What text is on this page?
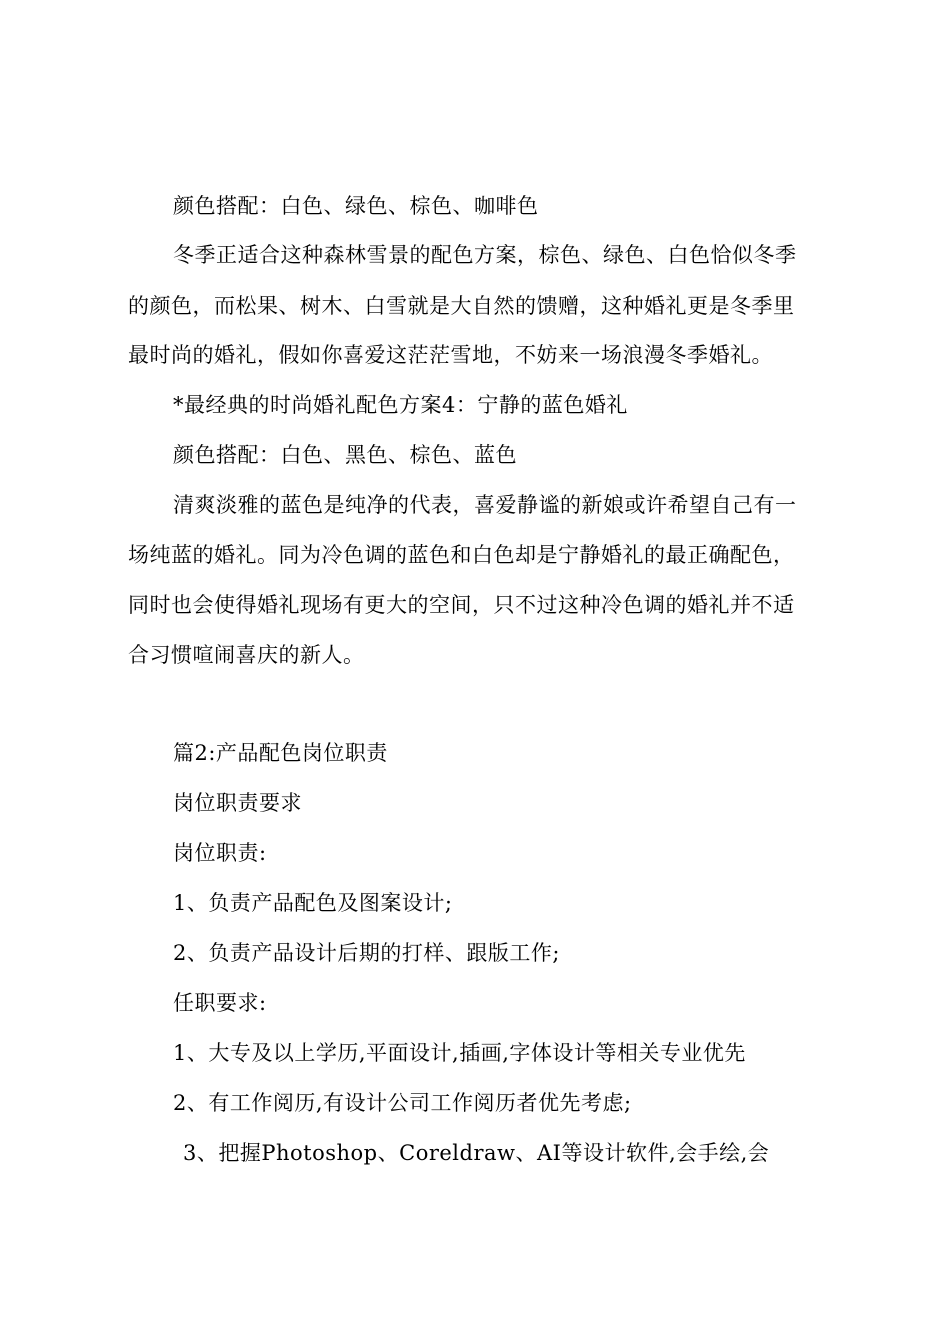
颜色搭配：白色、绿色、棕色、咖啡色
冬季正适合这种森林雪景的配色方案，棕色、绿色、白色恰似冬季
的颜色，而松果、树木、白雪就是大自然的馈赠，这种婚礼更是冬季里
最时尚的婚礼，假如你喜爱这茫茫雪地，不妨来一场浪漫冬季婚礼。
*最经典的时尚婚礼配色方案4：宁静的蓝色婚礼
颜色搭配：白色、黑色、棕色、蓝色
清爽淡雅的蓝色是纯净的代表，喜爱静谧的新娘或许希望自己有一
场纯蓝的婚礼。同为冷色调的蓝色和白色却是宁静婚礼的最正确配色，
同时也会使得婚礼现场有更大的空间，只不过这种冷色调的婚礼并不适
合习惯喧闹喜庆的新人。
篇2:产品配色岗位职责
岗位职责要求
岗位职责:
1、负责产品配色及图案设计;
2、负责产品设计后期的打样、跟版工作;
任职要求:
1、大专及以上学历,平面设计,插画,字体设计等相关专业优先
2、有工作阅历,有设计公司工作阅历者优先考虑;
3、把握Photoshop、Coreldraw、AI等设计软件,会手绘,会
